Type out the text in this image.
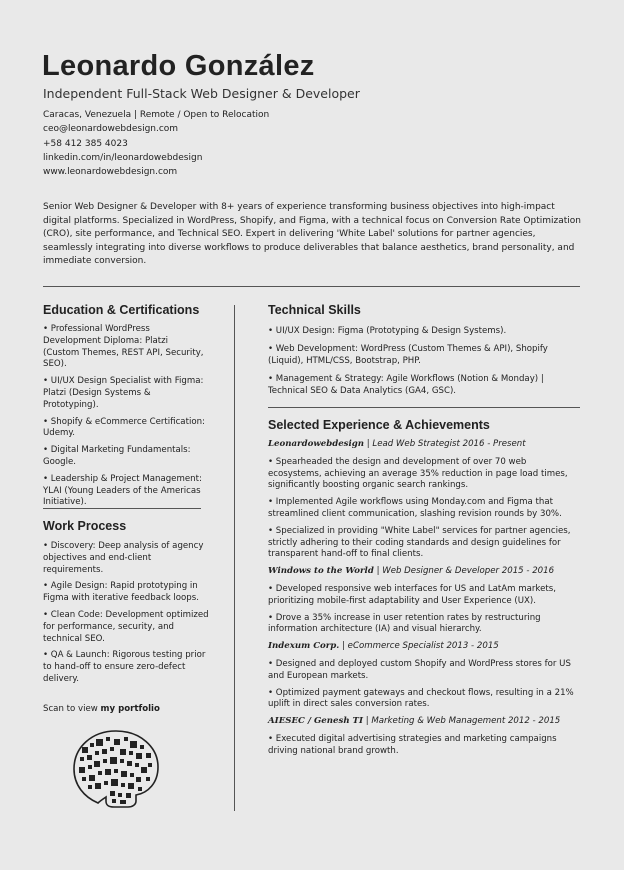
Leonardo González
Independent Full-Stack Web Designer & Developer
Caracas, Venezuela | Remote / Open to Relocation
ceo@leonardowebdesign.com
+58 412 385 4023
linkedin.com/in/leonardowebdesign
www.leonardowebdesign.com
Senior Web Designer & Developer with 8+ years of experience transforming business objectives into high-impact digital platforms. Specialized in WordPress, Shopify, and Figma, with a technical focus on Conversion Rate Optimization (CRO), site performance, and Technical SEO. Expert in delivering 'White Label' solutions for partner agencies, seamlessly integrating into diverse workflows to produce deliverables that balance aesthetics, brand personality, and immediate conversion.
Education & Certifications
• Professional WordPress Development Diploma: Platzi (Custom Themes, REST API, Security, SEO).
• UI/UX Design Specialist with Figma: Platzi (Design Systems & Prototyping).
• Shopify & eCommerce Certification: Udemy.
• Digital Marketing Fundamentals: Google.
• Leadership & Project Management: YLAI (Young Leaders of the Americas Initiative).
Work Process
• Discovery: Deep analysis of agency objectives and end-client requirements.
• Agile Design: Rapid prototyping in Figma with iterative feedback loops.
• Clean Code: Development optimized for performance, security, and technical SEO.
• QA & Launch: Rigorous testing prior to hand-off to ensure zero-defect delivery.
Scan to view my portfolio
Technical Skills
• UI/UX Design: Figma (Prototyping & Design Systems).
• Web Development: WordPress (Custom Themes & API), Shopify (Liquid), HTML/CSS, Bootstrap, PHP.
• Management & Strategy: Agile Workflows (Notion & Monday) | Technical SEO & Data Analytics (GA4, GSC).
Selected Experience & Achievements
Leonardowebdesign | Lead Web Strategist 2016 - Present
• Spearheaded the design and development of over 70 web ecosystems, achieving an average 35% reduction in page load times, significantly boosting organic search rankings.
• Implemented Agile workflows using Monday.com and Figma that streamlined client communication, slashing revision rounds by 30%.
• Specialized in providing "White Label" services for partner agencies, strictly adhering to their coding standards and design guidelines for transparent hand-off to final clients.
Windows to the World | Web Designer & Developer 2015 - 2016
• Developed responsive web interfaces for US and LatAm markets, prioritizing mobile-first adaptability and User Experience (UX).
• Drove a 35% increase in user retention rates by restructuring information architecture (IA) and visual hierarchy.
Indexum Corp. | eCommerce Specialist 2013 - 2015
• Designed and deployed custom Shopify and WordPress stores for US and European markets.
• Optimized payment gateways and checkout flows, resulting in a 21% uplift in direct sales conversion rates.
AIESEC / Genesh TI | Marketing & Web Management 2012 - 2015
• Executed digital advertising strategies and marketing campaigns driving national brand growth.
